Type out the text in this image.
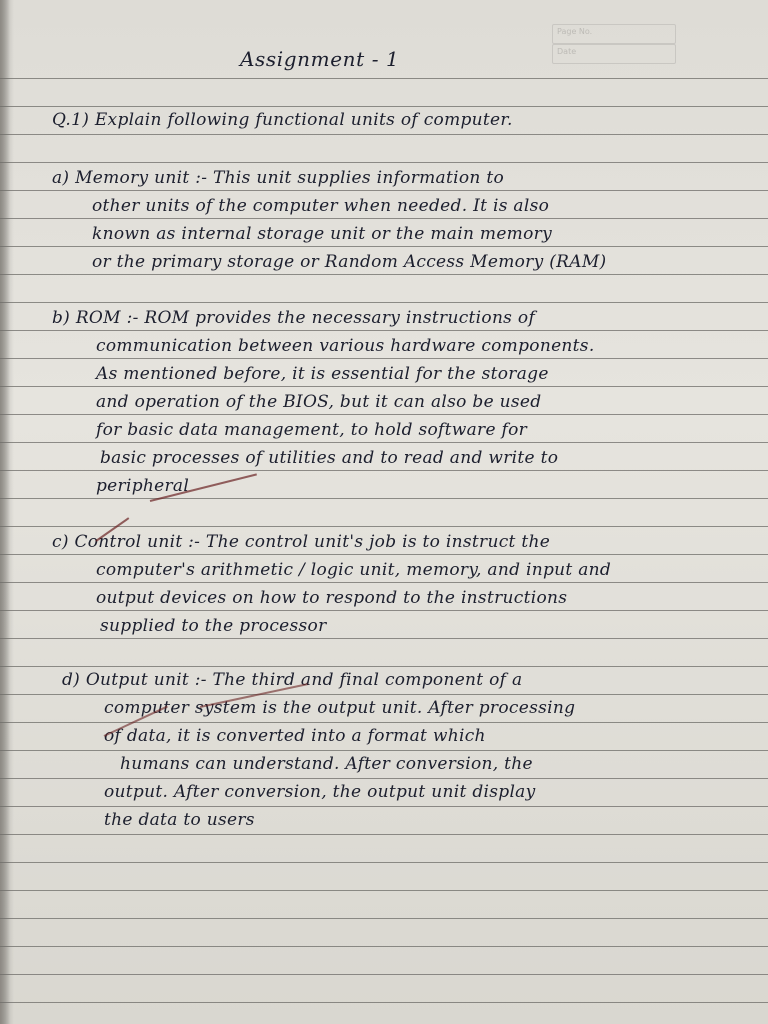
Page No.
Date
Assignment - 1
Q.1) Explain following functional units of computer.
a) Memory unit :- This unit supplies information to
other units of the computer when needed. It is also
known as internal storage unit or the main memory
or the primary storage or Random Access Memory (RAM)
b) ROM :- ROM provides the necessary instructions of
communication between various hardware components.
As mentioned before, it is essential for the storage
and operation of the BIOS, but it can also be used
for basic data management, to hold software for
basic processes of utilities and to read and write to
peripheral
c) Control unit :- The control unit's job is to instruct the
computer's arithmetic / logic unit, memory, and input and
output devices on how to respond to the instructions
supplied to the processor
d) Output unit :- The third and final component of a
computer system is the output unit. After processing
of data, it is converted into a format which
humans can understand. After conversion, the
output. After conversion, the output unit display
the data to users
